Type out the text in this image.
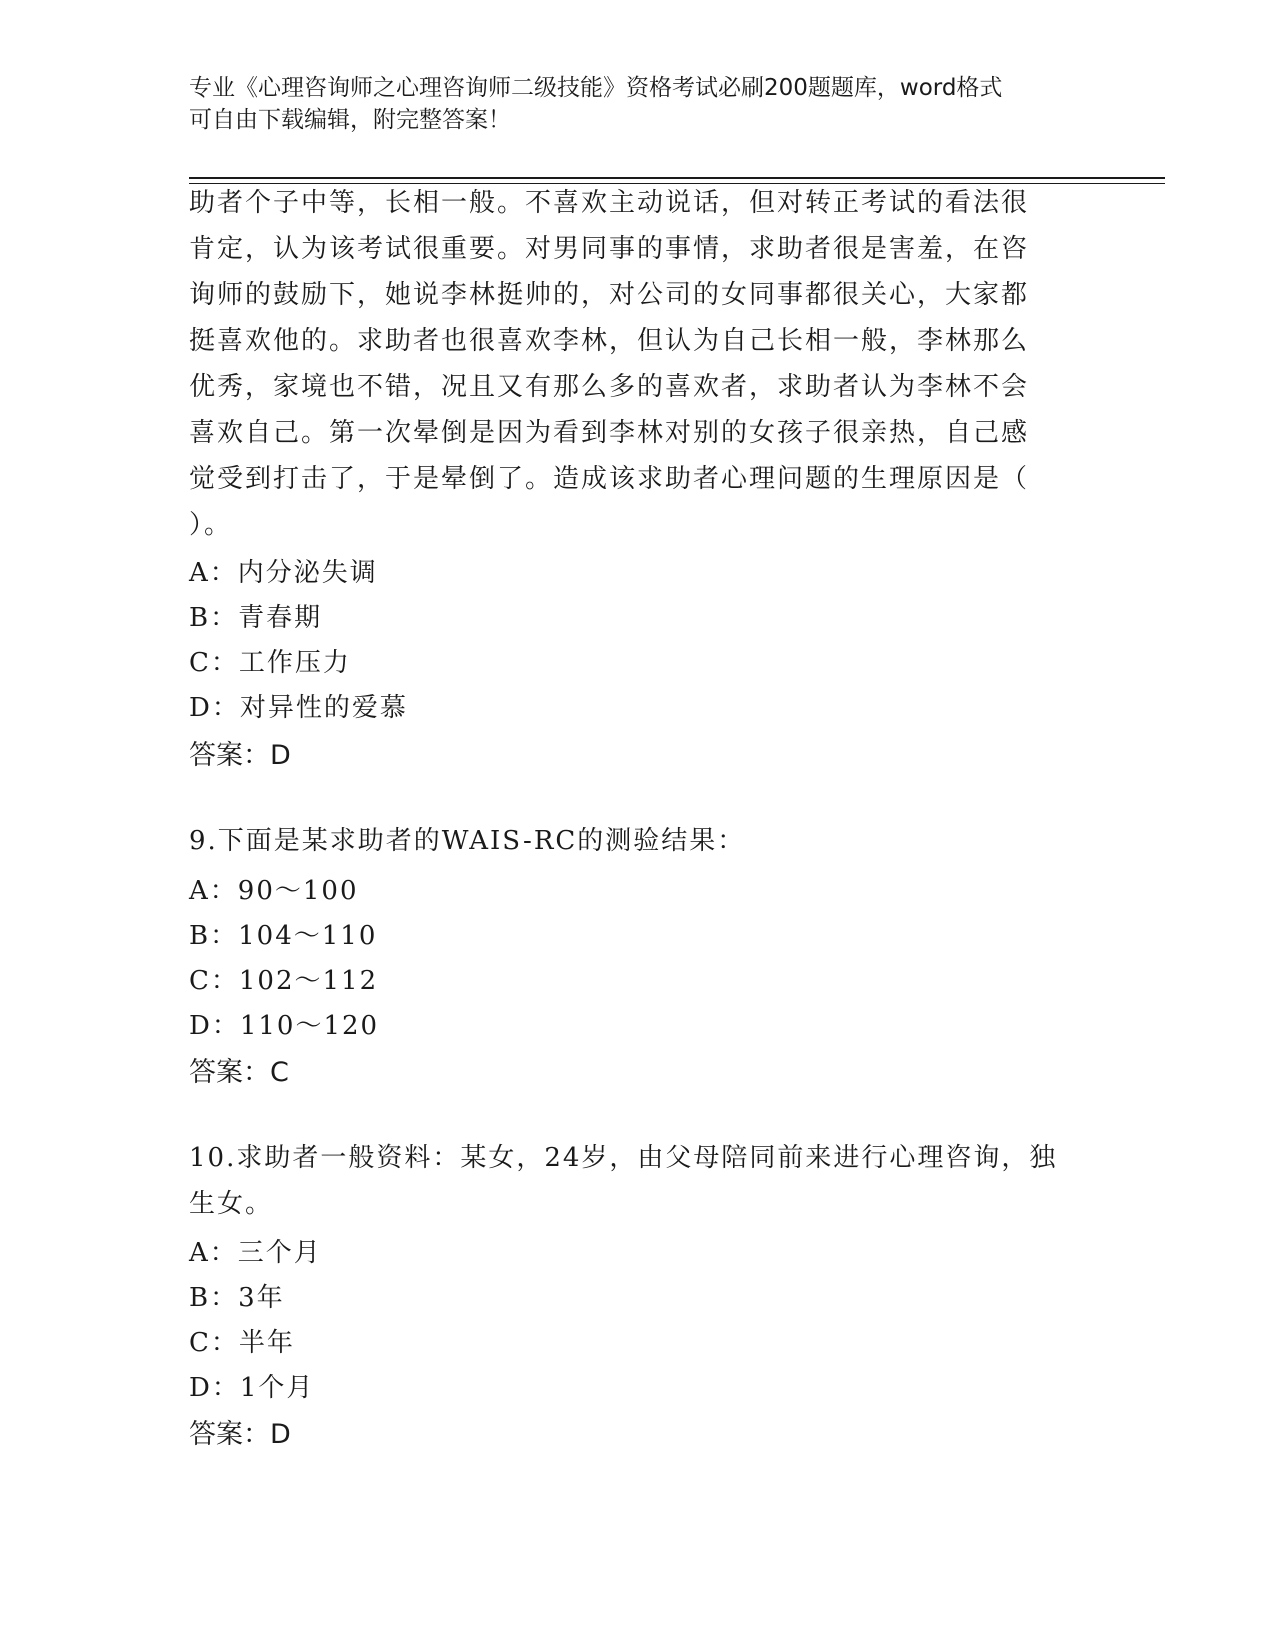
专业《心理咨询师之心理咨询师二级技能》资格考试必刷200题题库，word格式
可自由下载编辑，附完整答案！
助者个子中等，长相一般。不喜欢主动说话，但对转正考试的看法很
肯定，认为该考试很重要。对男同事的事情，求助者很是害羞，在咨
询师的鼓励下，她说李林挺帅的，对公司的女同事都很关心，大家都
挺喜欢他的。求助者也很喜欢李林，但认为自己长相一般，李林那么
优秀，家境也不错，况且又有那么多的喜欢者，求助者认为李林不会
喜欢自己。第一次晕倒是因为看到李林对别的女孩子很亲热，自己感
觉受到打击了，于是晕倒了。造成该求助者心理问题的生理原因是（
）。
A：内分泌失调
B：青春期
C：工作压力
D：对异性的爱慕
答案：D
9.下面是某求助者的WAIS-RC的测验结果：
A：90～100
B：104～110
C：102～112
D：110～120
答案：C
10.求助者一般资料：某女，24岁，由父母陪同前来进行心理咨询，独
生女。
A：三个月
B：3年
C：半年
D：1个月
答案：D
